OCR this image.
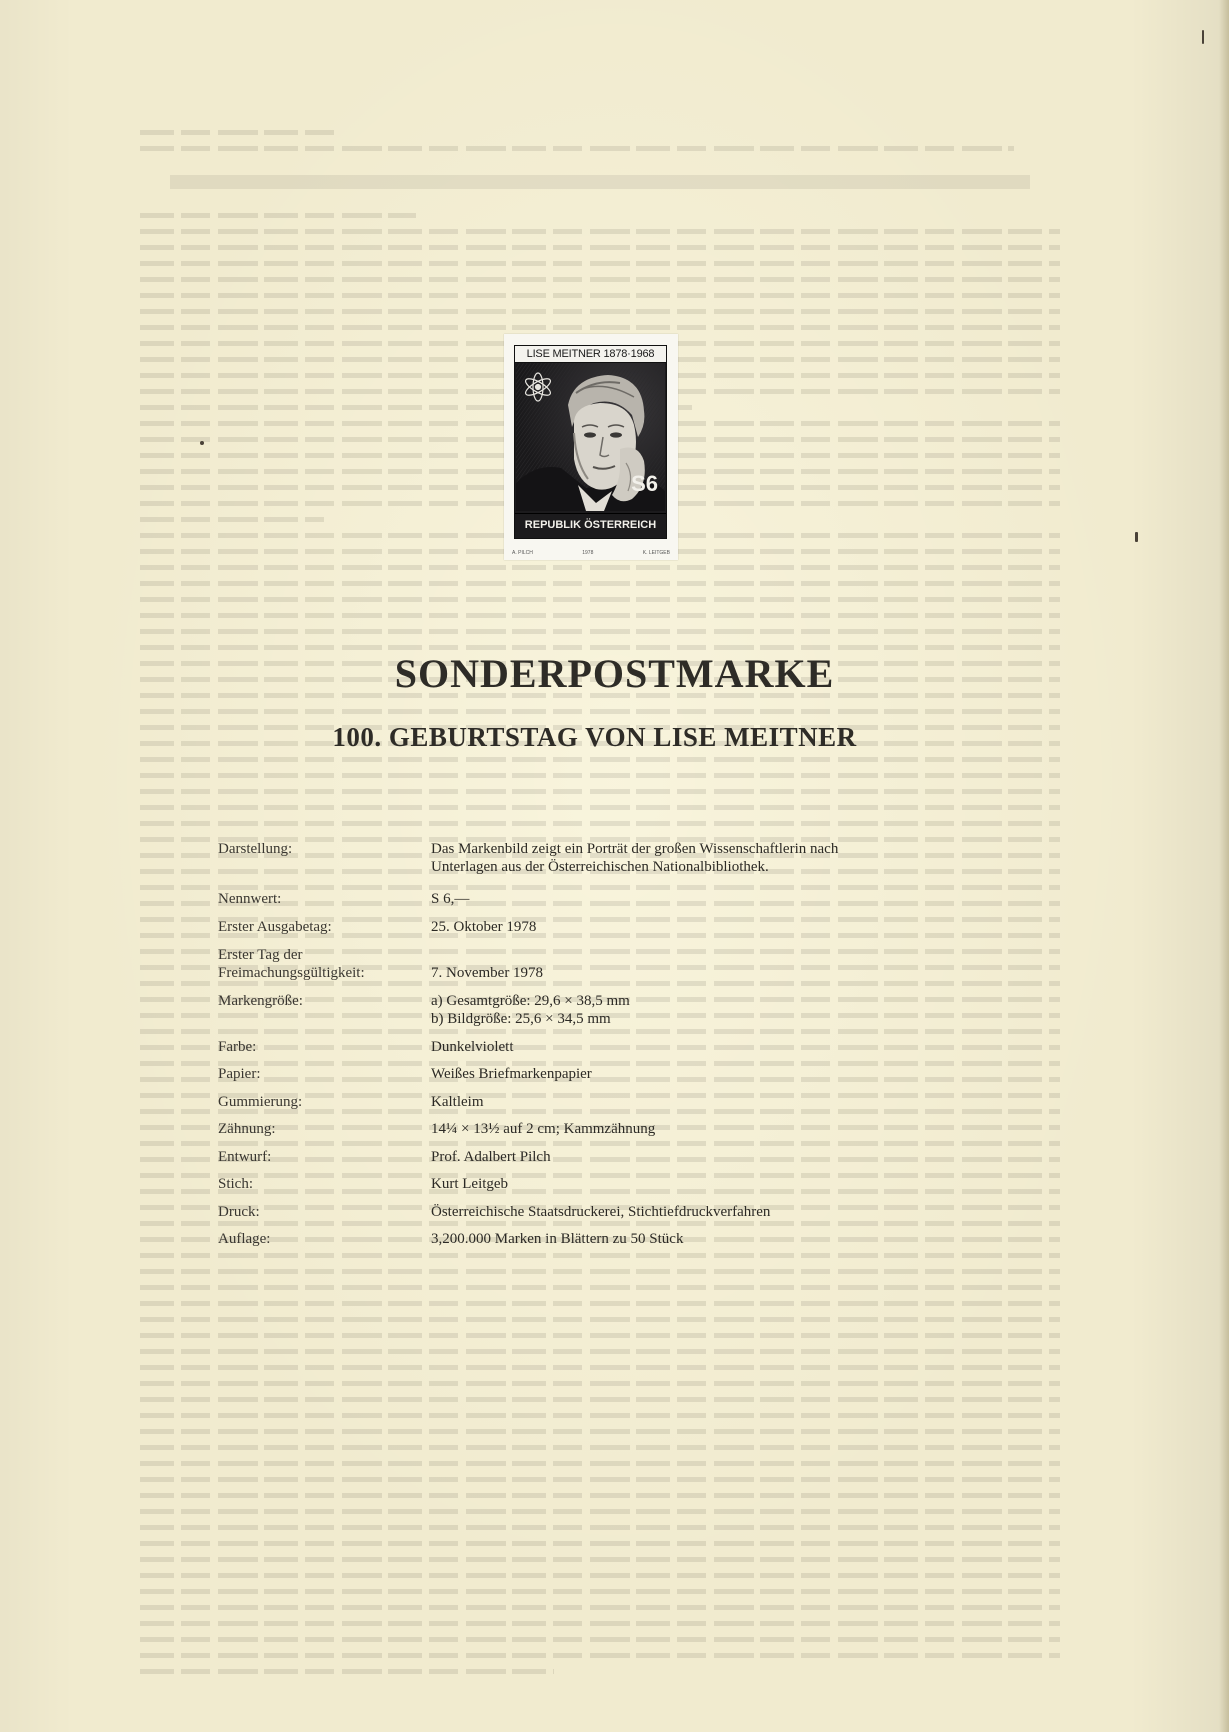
LISE MEITNER 1878·1968
S6
REPUBLIK ÖSTERREICH
A. PILCH	1978	K. LEITGEB
SONDERPOSTMARKE
100. GEBURTSTAG VON LISE MEITNER
Darstellung:	Das Markenbild zeigt ein Porträt der großen Wissenschaftlerin nach
Unterlagen aus der Österreichischen Nationalbibliothek.
Nennwert:	S 6,—
Erster Ausgabetag:	25. Oktober 1978
Erster Tag der
Freimachungsgültigkeit:	7. November 1978
Markengröße:	a) Gesamtgröße: 29,6 × 38,5 mm
b) Bildgröße: 25,6 × 34,5 mm
Farbe:	Dunkelviolett
Papier:	Weißes Briefmarkenpapier
Gummierung:	Kaltleim
Zähnung:	14¼ × 13½ auf 2 cm; Kammzähnung
Entwurf:	Prof. Adalbert Pilch
Stich:	Kurt Leitgeb
Druck:	Österreichische Staatsdruckerei, Stichtiefdruckverfahren
Auflage:	3,200.000 Marken in Blättern zu 50 Stück
